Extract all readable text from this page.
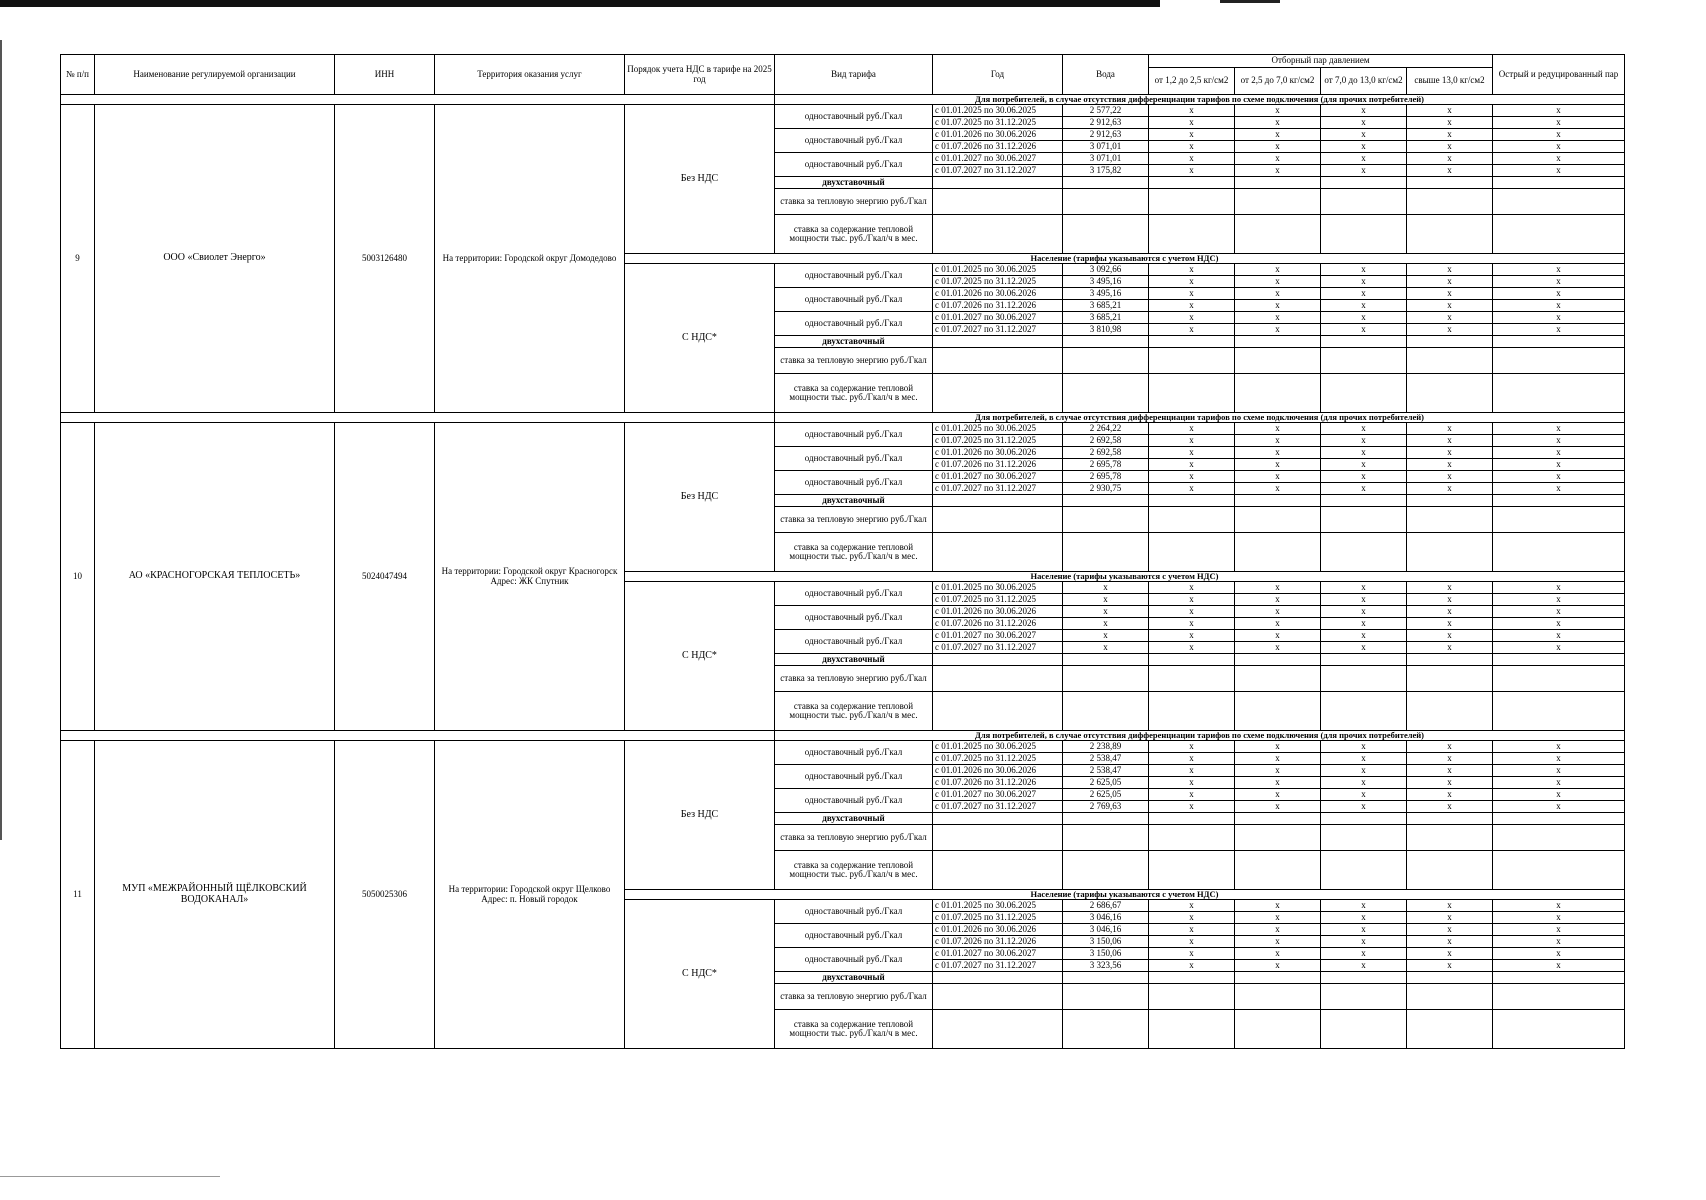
№ п/п	Наименование регулируемой организации	ИНН	Территория оказания услуг	Порядок учета НДС в тарифе на 2025 год	Вид тарифа	Год	Вода	Отборный пар давлением				Острый и редуцированный пар
								от 1,2 до 2,5 кг/см2	от 2,5 до 7,0 кг/см2	от 7,0 до 13,0 кг/см2	свыше 13,0 кг/см2	
					Для потребителей, в случае отсутствия дифференциации тарифов по схеме подключения (для прочих потребителей)							
9	ООО «Свиолет Энерго»	5003126480	На территории: Городской округ Домодедово	Без НДС	одноставочный руб./Гкал	с 01.01.2025 по 30.06.2025	2 577,22	x	x	x	x	x
						с 01.07.2025 по 31.12.2025	2 912,63	x	x	x	x	x
					одноставочный руб./Гкал	с 01.01.2026 по 30.06.2026	2 912,63	x	x	x	x	x
						с 01.07.2026 по 31.12.2026	3 071,01	x	x	x	x	x
					одноставочный руб./Гкал	с 01.01.2027 по 30.06.2027	3 071,01	x	x	x	x	x
						с 01.07.2027 по 31.12.2027	3 175,82	x	x	x	x	x
					двухставочный							
					ставка за тепловую энергию руб./Гкал							

					ставка за содержание тепловой мощности тыс. руб./Гкал/ч в мес.							

				Население (тарифы указываются с учетом НДС)								
				С НДС*	одноставочный руб./Гкал	с 01.01.2025 по 30.06.2025	3 092,66	x	x	x	x	x
						с 01.07.2025 по 31.12.2025	3 495,16	x	x	x	x	x
					одноставочный руб./Гкал	с 01.01.2026 по 30.06.2026	3 495,16	x	x	x	x	x
						с 01.07.2026 по 31.12.2026	3 685,21	x	x	x	x	x
					одноставочный руб./Гкал	с 01.01.2027 по 30.06.2027	3 685,21	x	x	x	x	x
						с 01.07.2027 по 31.12.2027	3 810,98	x	x	x	x	x
					двухставочный							
					ставка за тепловую энергию руб./Гкал							

					ставка за содержание тепловой мощности тыс. руб./Гкал/ч в мес.							

					Для потребителей, в случае отсутствия дифференциации тарифов по схеме подключения (для прочих потребителей)							
10	АО «КРАСНОГОРСКАЯ ТЕПЛОСЕТЬ»	5024047494	На территории: Городской округ Красногорск Адрес: ЖК Спутник	Без НДС	одноставочный руб./Гкал	с 01.01.2025 по 30.06.2025	2 264,22	x	x	x	x	x
						с 01.07.2025 по 31.12.2025	2 692,58	x	x	x	x	x
					одноставочный руб./Гкал	с 01.01.2026 по 30.06.2026	2 692,58	x	x	x	x	x
						с 01.07.2026 по 31.12.2026	2 695,78	x	x	x	x	x
					одноставочный руб./Гкал	с 01.01.2027 по 30.06.2027	2 695,78	x	x	x	x	x
						с 01.07.2027 по 31.12.2027	2 930,75	x	x	x	x	x
					двухставочный							
					ставка за тепловую энергию руб./Гкал							

					ставка за содержание тепловой мощности тыс. руб./Гкал/ч в мес.							

				Население (тарифы указываются с учетом НДС)								
				С НДС*	одноставочный руб./Гкал	с 01.01.2025 по 30.06.2025	x	x	x	x	x	x
						с 01.07.2025 по 31.12.2025	x	x	x	x	x	x
					одноставочный руб./Гкал	с 01.01.2026 по 30.06.2026	x	x	x	x	x	x
						с 01.07.2026 по 31.12.2026	x	x	x	x	x	x
					одноставочный руб./Гкал	с 01.01.2027 по 30.06.2027	x	x	x	x	x	x
						с 01.07.2027 по 31.12.2027	x	x	x	x	x	x
					двухставочный							
					ставка за тепловую энергию руб./Гкал							

					ставка за содержание тепловой мощности тыс. руб./Гкал/ч в мес.							

					Для потребителей, в случае отсутствия дифференциации тарифов по схеме подключения (для прочих потребителей)							
11	МУП «МЕЖРАЙОННЫЙ ЩЁЛКОВСКИЙ ВОДОКАНАЛ»	5050025306	На территории: Городской округ Щелково Адрес: п. Новый городок	Без НДС	одноставочный руб./Гкал	с 01.01.2025 по 30.06.2025	2 238,89	x	x	x	x	x
						с 01.07.2025 по 31.12.2025	2 538,47	x	x	x	x	x
					одноставочный руб./Гкал	с 01.01.2026 по 30.06.2026	2 538,47	x	x	x	x	x
						с 01.07.2026 по 31.12.2026	2 625,05	x	x	x	x	x
					одноставочный руб./Гкал	с 01.01.2027 по 30.06.2027	2 625,05	x	x	x	x	x
						с 01.07.2027 по 31.12.2027	2 769,63	x	x	x	x	x
					двухставочный							
					ставка за тепловую энергию руб./Гкал							

					ставка за содержание тепловой мощности тыс. руб./Гкал/ч в мес.							

				Население (тарифы указываются с учетом НДС)								
				С НДС*	одноставочный руб./Гкал	с 01.01.2025 по 30.06.2025	2 686,67	x	x	x	x	x
						с 01.07.2025 по 31.12.2025	3 046,16	x	x	x	x	x
					одноставочный руб./Гкал	с 01.01.2026 по 30.06.2026	3 046,16	x	x	x	x	x
						с 01.07.2026 по 31.12.2026	3 150,06	x	x	x	x	x
					одноставочный руб./Гкал	с 01.01.2027 по 30.06.2027	3 150,06	x	x	x	x	x
						с 01.07.2027 по 31.12.2027	3 323,56	x	x	x	x	x
					двухставочный							
					ставка за тепловую энергию руб./Гкал							

					ставка за содержание тепловой мощности тыс. руб./Гкал/ч в мес.							
